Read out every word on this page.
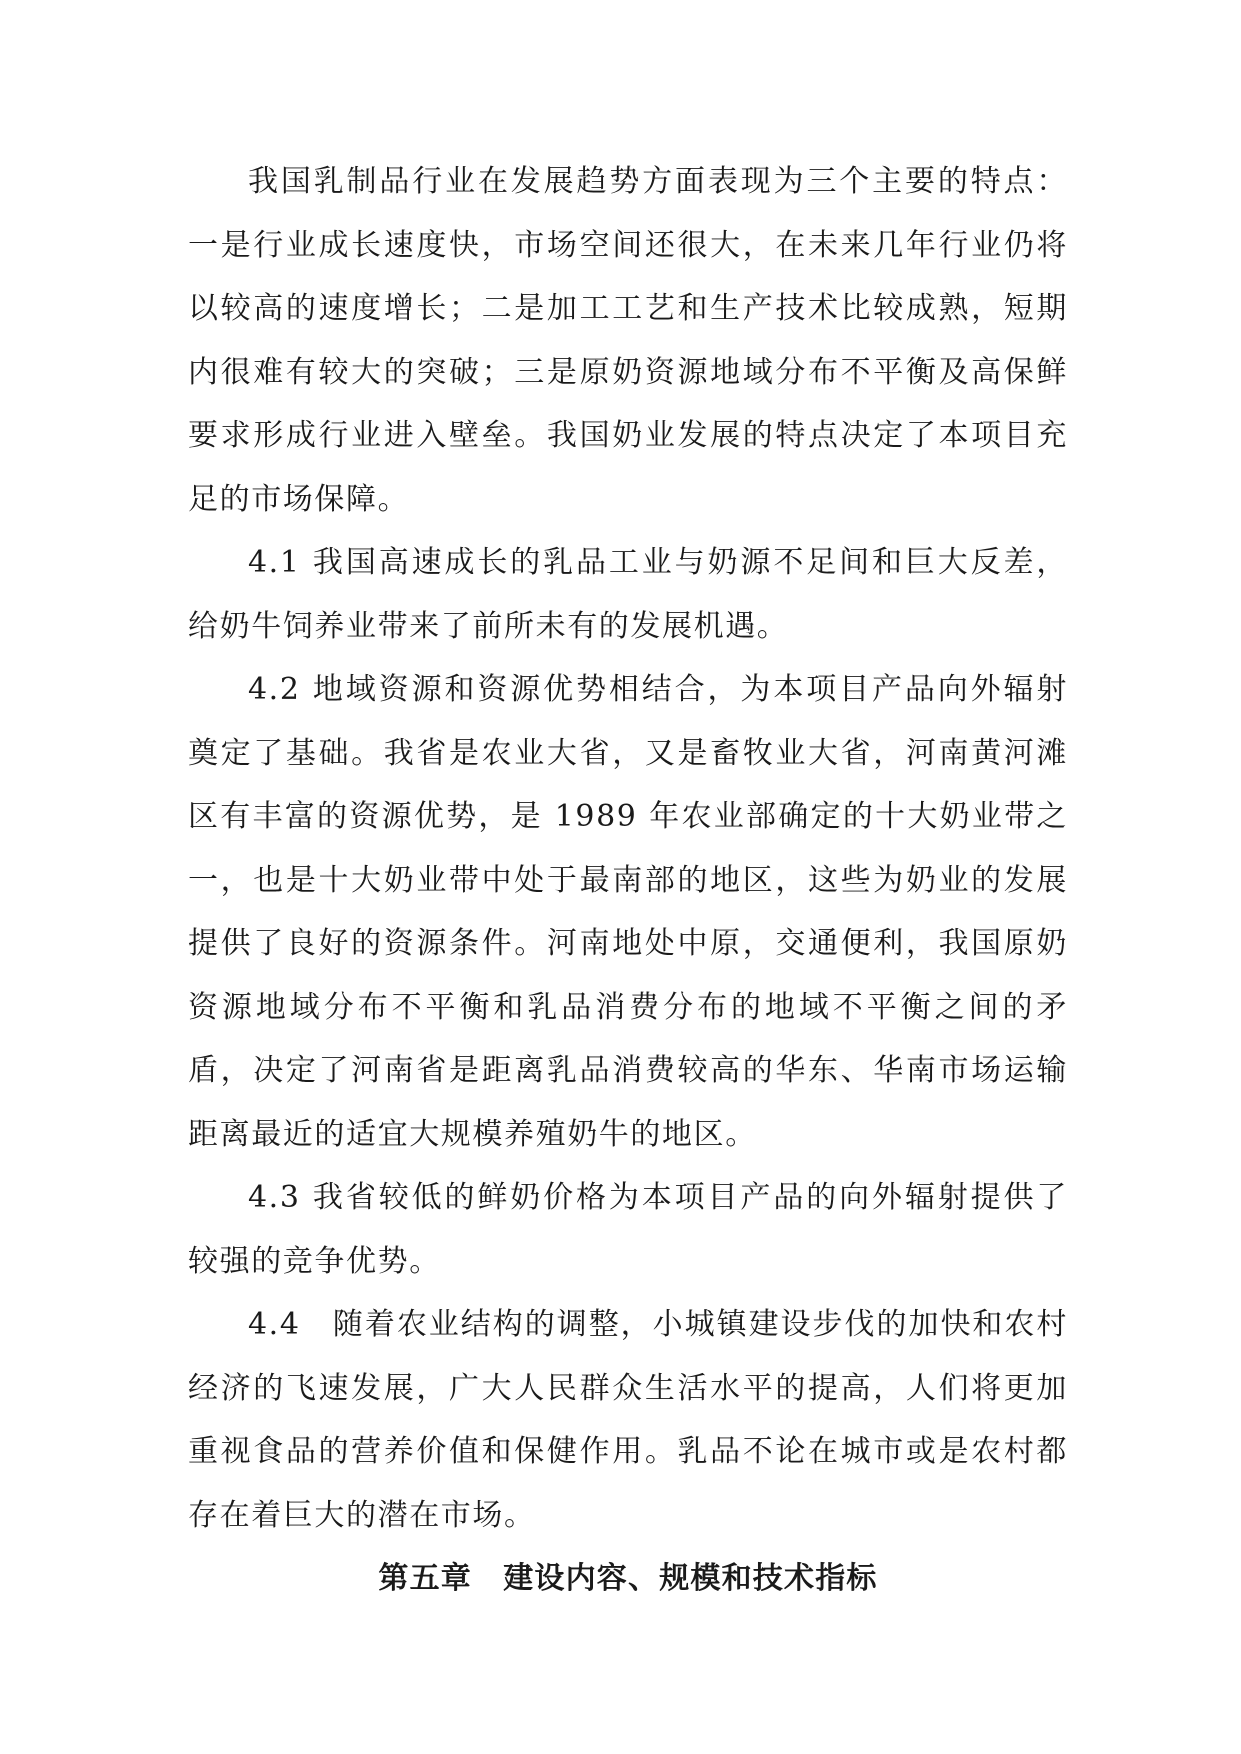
我国乳制品行业在发展趋势方面表现为三个主要的特点：一是行业成长速度快，市场空间还很大，在未来几年行业仍将以较高的速度增长；二是加工工艺和生产技术比较成熟，短期内很难有较大的突破；三是原奶资源地域分布不平衡及高保鲜要求形成行业进入壁垒。我国奶业发展的特点决定了本项目充足的市场保障。

4.1 我国高速成长的乳品工业与奶源不足间和巨大反差，给奶牛饲养业带来了前所未有的发展机遇。

4.2 地域资源和资源优势相结合，为本项目产品向外辐射奠定了基础。我省是农业大省，又是畜牧业大省，河南黄河滩区有丰富的资源优势，是 1989 年农业部确定的十大奶业带之一，也是十大奶业带中处于最南部的地区，这些为奶业的发展提供了良好的资源条件。河南地处中原，交通便利，我国原奶资源地域分布不平衡和乳品消费分布的地域不平衡之间的矛盾，决定了河南省是距离乳品消费较高的华东、华南市场运输距离最近的适宜大规模养殖奶牛的地区。

4.3 我省较低的鲜奶价格为本项目产品的向外辐射提供了较强的竞争优势。

4.4　随着农业结构的调整，小城镇建设步伐的加快和农村经济的飞速发展，广大人民群众生活水平的提高，人们将更加重视食品的营养价值和保健作用。乳品不论在城市或是农村都存在着巨大的潜在市场。

第五章　建设内容、规模和技术指标
